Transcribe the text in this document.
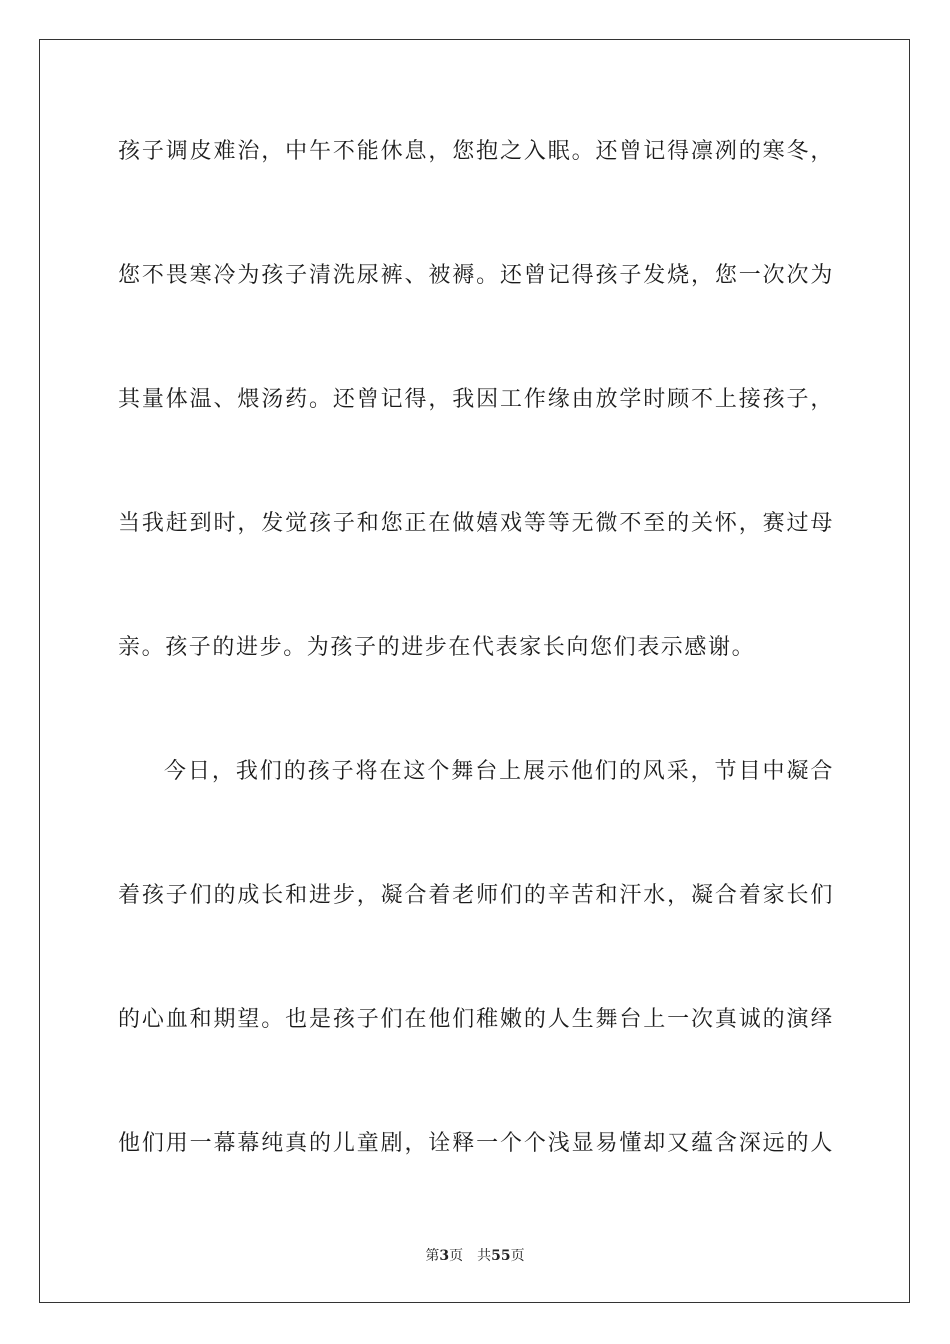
孩子调皮难治，中午不能休息，您抱之入眠。还曾记得凛冽的寒冬，
您不畏寒冷为孩子清洗尿裤、被褥。还曾记得孩子发烧，您一次次为
其量体温、煨汤药。还曾记得，我因工作缘由放学时顾不上接孩子，
当我赶到时，发觉孩子和您正在做嬉戏等等无微不至的关怀，赛过母
亲。孩子的进步。为孩子的进步在代表家长向您们表示感谢。
今日，我们的孩子将在这个舞台上展示他们的风采，节目中凝合
着孩子们的成长和进步，凝合着老师们的辛苦和汗水，凝合着家长们
的心血和期望。也是孩子们在他们稚嫩的人生舞台上一次真诚的演绎
他们用一幕幕纯真的儿童剧，诠释一个个浅显易懂却又蕴含深远的人
第3页 共55页
